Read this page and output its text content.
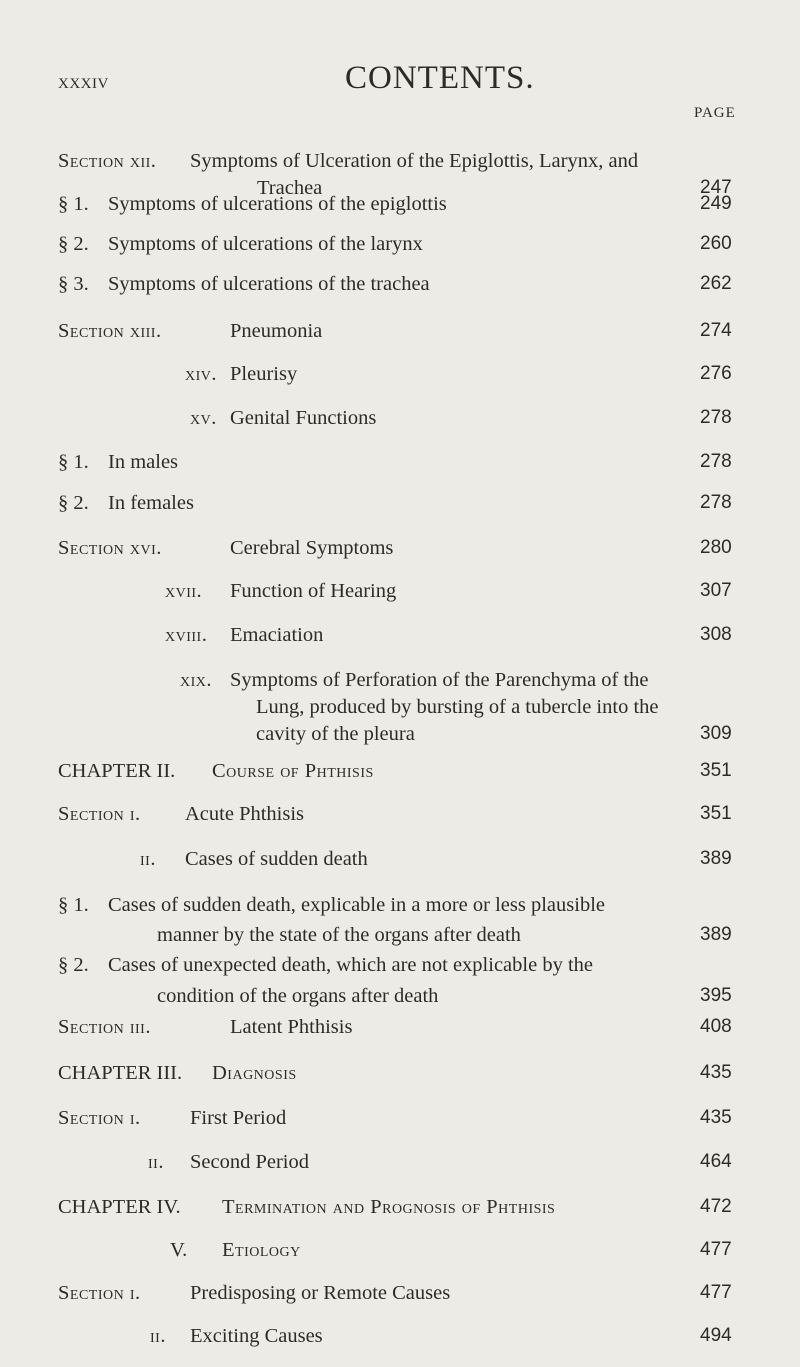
xxxiv	CONTENTS.
PAGE
Section xii. Symptoms of Ulceration of the Epiglottis, Larynx, and
Trachea	247
§ 1. Symptoms of ulcerations of the epiglottis	249
§ 2. Symptoms of ulcerations of the larynx	260
§ 3. Symptoms of ulcerations of the trachea	262
Section xiii.	Pneumonia	274
xiv. Pleurisy	276
xv. Genital Functions	278
§ 1. In males	278
§ 2. In females	278
Section xvi.	Cerebral Symptoms	280
xvii. Function of Hearing	307
xviii. Emaciation	308
xix. Symptoms of Perforation of the Parenchyma of the
Lung, produced by bursting of a tubercle into the
cavity of the pleura	309
CHAPTER II. Course of Phthisis	351
Section i. Acute Phthisis	351
ii. Cases of sudden death	389
§ 1. Cases of sudden death, explicable in a more or less plausible
manner by the state of the organs after death	389
§ 2. Cases of unexpected death, which are not explicable by the
condition of the organs after death	395
Section iii.	Latent Phthisis	408
CHAPTER III. Diagnosis	435
Section i. First Period	435
ii. Second Period	464
CHAPTER IV. Termination and Prognosis of Phthisis	472
V. Etiology	477
Section i. Predisposing or Remote Causes	477
ii. Exciting Causes	494
